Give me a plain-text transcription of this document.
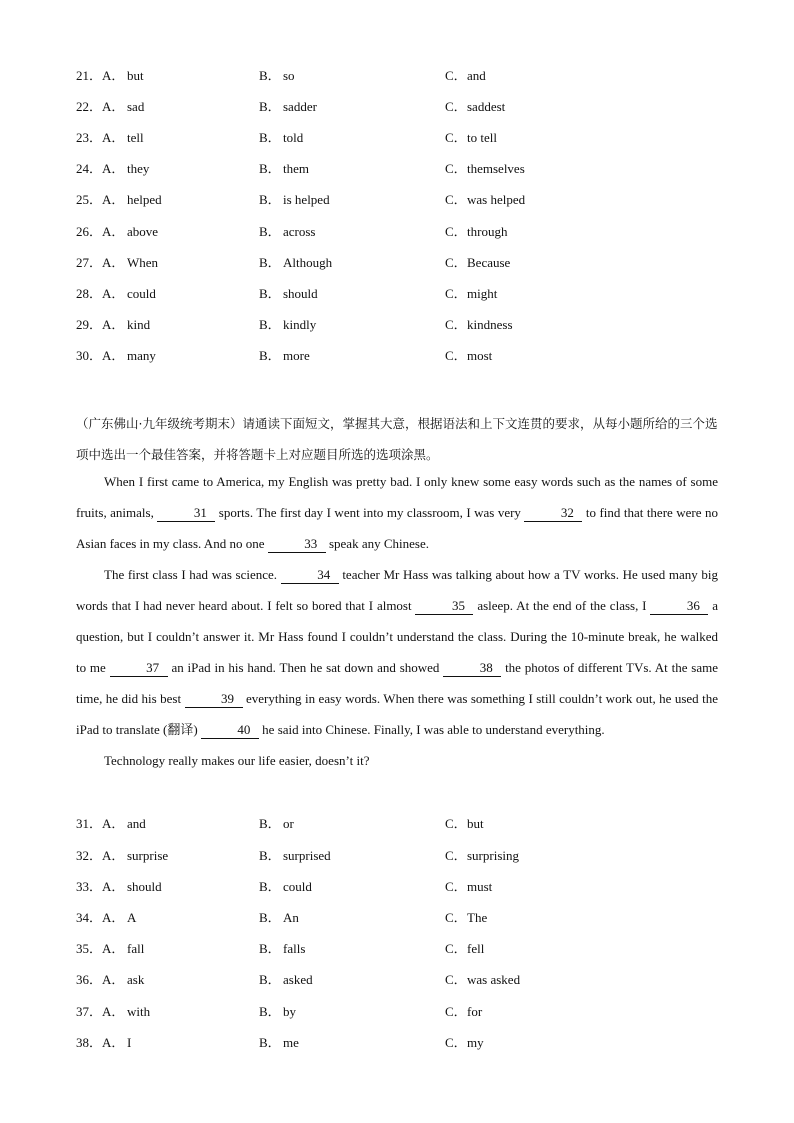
21．A． but	B． so	C． and
22．A． sad	B． sadder	C． saddest
23．A． tell	B． told	C． to tell
24．A． they	B． them	C． themselves
25．A． helped	B． is helped	C． was helped
26．A． above	B． across	C． through
27．A． When	B． Although	C． Because
28．A． could	B． should	C． might
29．A． kind	B． kindly	C． kindness
30．A． many	B． more	C． most
（广东佛山·九年级统考期末）请通读下面短文，掌握其大意，根据语法和上下文连贯的要求，从每小题所给的三个选项中选出一个最佳答案，并将答题卡上对应题目所选的选项涂黑。

When I first came to America, my English was pretty bad. I only knew some easy words such as the names of some fruits, animals,	31 sports. The first day I went into my classroom, I was very	32 to find that there were no Asian faces in my class. And no one	33 speak any Chinese.

The first class I had was science.	34 teacher Mr Hass was talking about how a TV works. He used many big words that I had never heard about. I felt so bored that I almost	35 asleep. At the end of the class, I	36 a question, but I couldn’t answer it. Mr Hass found I couldn’t understand the class. During the 10-minute break, he walked to me	37 an iPad in his hand. Then he sat down and showed	38 the photos of different TVs. At the same time, he did his best	39 everything in easy words. When there was something I still couldn’t work out, he used the iPad to translate (翻译)	40 he said into Chinese. Finally, I was able to understand everything.

Technology really makes our life easier, doesn’t it?

31．A． and	B． or	C． but
32．A． surprise	B． surprised	C． surprising
33．A． should	B． could	C． must
34．A． A	B． An	C． The
35．A． fall	B． falls	C． fell
36．A． ask	B． asked	C． was asked
37．A． with	B． by	C． for
38．A． I	B． me	C． my
